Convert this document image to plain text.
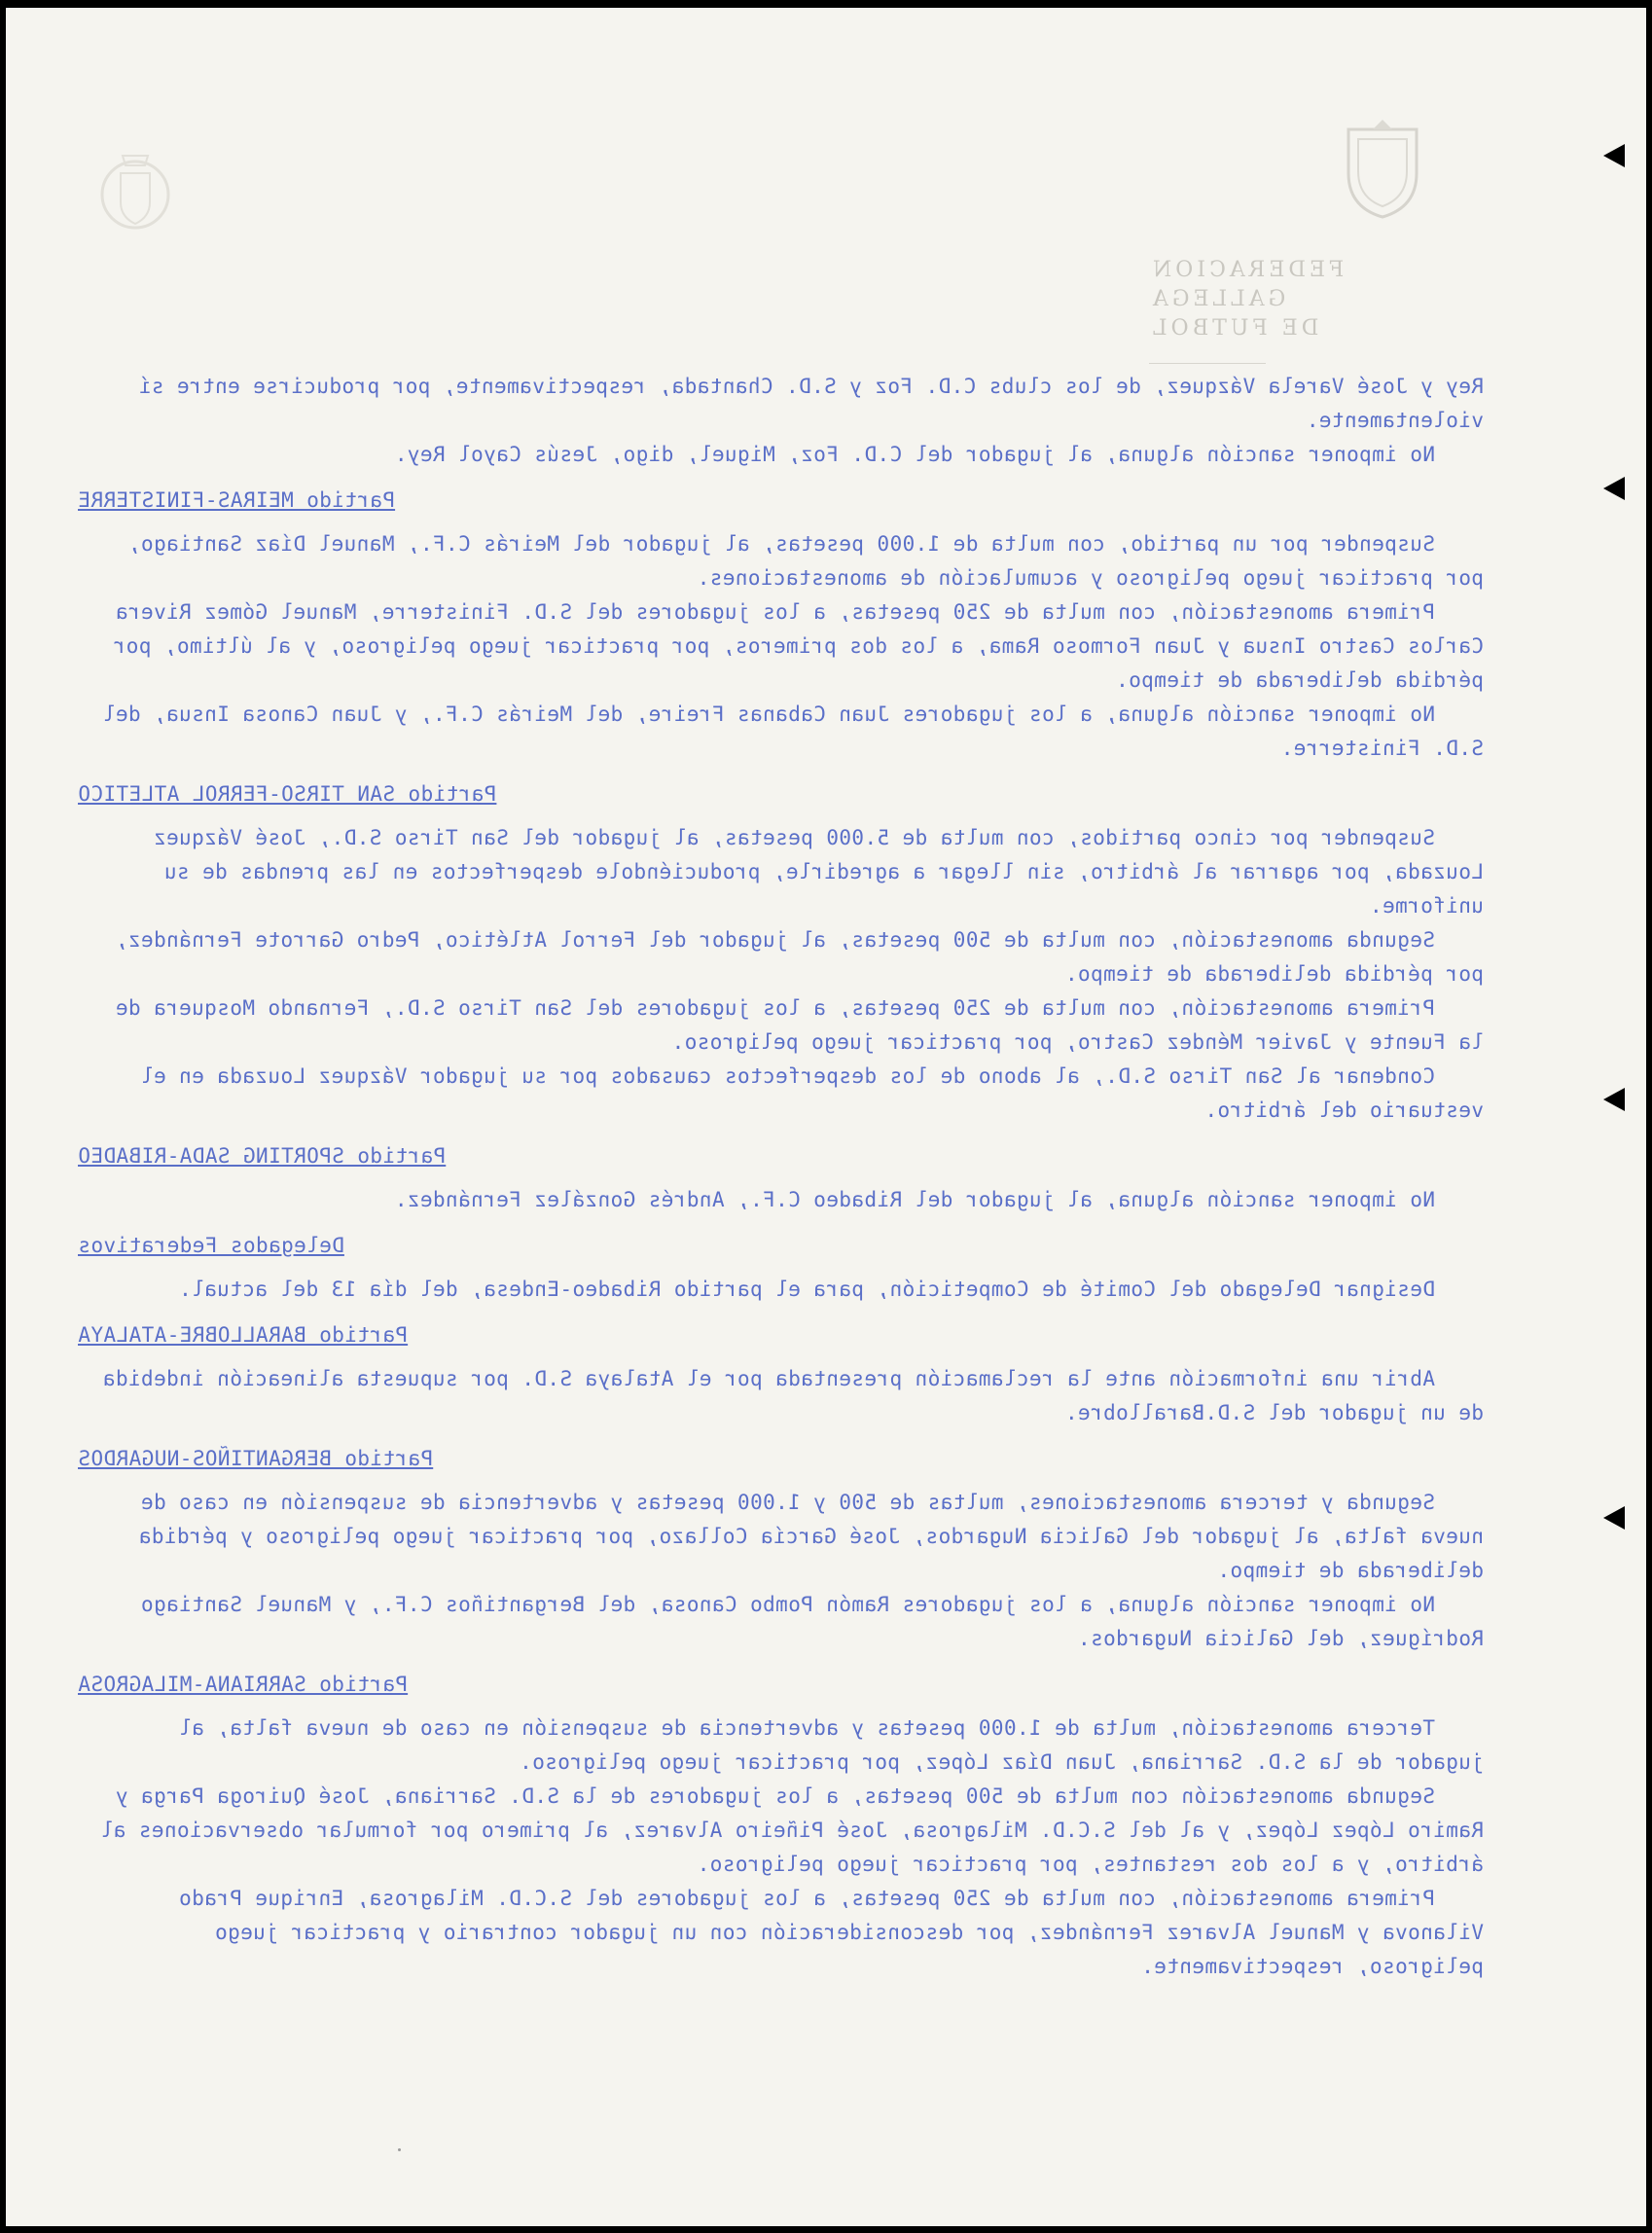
FEDERACION GALLEGA
DE FUTBOL

Rey y José Varela Vázquez, de los clubs C.D. Foz y S.D. Chantada, respectivamente, por producirse entre sí violentamente.

No imponer sanción alguna, al jugador del C.D. Foz, Miguel, digo, Jesús Cayol Rey.

Partido MEIRAS-FINISTERRE

Suspender por un partido, con multa de 1.000 pesetas, al jugador del Meirás C.F., Manuel Díaz Santiago, por practicar juego peligroso y acumulación de amonestaciones.

Primera amonestación, con multa de 250 pesetas, a los jugadores del S.D. Finisterre, Manuel Gómez Rivera Carlos Castro Insua y Juan Formoso Rama, a los dos primeros, por practicar juego peligroso, y al último, por pérdida deliberada de tiempo.

No imponer sanción alguna, a los jugadores Juan Cabanas Freire, del Meirás C.F., y Juan Canosa Insua, del S.D. Finisterre.

Partido SAN TIRSO-FERROL ATLETICO

Suspender por cinco partidos, con multa de 5.000 pesetas, al jugador del San Tirso S.D., José Vázquez Louzada, por agarrar al árbitro, sin llegar a agredirle, produciéndole desperfectos en las prendas de su uniforme.

Segunda amonestación, con multa de 500 pesetas, al jugador del Ferrol Atlético, Pedro Garrote Fernández, por pérdida deliberada de tiempo.

Primera amonestación, con multa de 250 pesetas, a los jugadores del San Tirso S.D., Fernando Mosquera de la Fuente y Javier Méndez Castro, por practicar juego peligroso.

Condenar al San Tirso S.D., al abono de los desperfectos causados por su jugador Vázquez Louzada en el vestuario del árbitro.

Partido SPORTING SADA-RIBADEO

No imponer sanción alguna, al jugador del Ribadeo C.F., Andrés González Fernández.

Delegados Federativos

Designar Delegado del Comité de Competición, para el partido Ribadeo-Endesa, del día 13 del actual.

Partido BARALLOBRE-ATALAYA

Abrir una información ante la reclamación presentada por el Atalaya S.D. por supuesta alineación indebida de un jugador del S.D.Barallobre.

Partido BERGANTIÑOS-NUGARDOS

Segunda y tercera amonestaciones, multas de 500 y 1.000 pesetas y advertencia de suspensión en caso de nueva falta, al jugador del Galicia Nugardos, José García Collazo, por practicar juego peligroso y pérdida deliberada de tiempo.

No imponer sanción alguna, a los jugadores Ramón Pombo Canosa, del Bergantiños C.F., y Manuel Santiago Rodríguez, del Galicia Nugardos.

Partido SARRIANA-MILAGROSA

Tercera amonestación, multa de 1.000 pesetas y advertencia de suspensión en caso de nueva falta, al jugador de la S.D. Sarriana, Juan Díaz López, por practicar juego peligroso.

Segunda amonestación con multa de 500 pesetas, a los jugadores de la S.D. Sarriana, José Quiroga Parga y Ramiro López López, y al del S.C.D. Milagrosa, José Piñeiro Alvarez, al primero por formular observaciones al árbitro, y a los dos restantes, por practicar juego peligroso.

Primera amonestación, con multa de 250 pesetas, a los jugadores del S.C.D. Milagrosa, Enrique Prado Vilanova y Manuel Alvarez Fernández, por desconsideración con un jugador contrario y practicar juego peligroso, respectivamente.
